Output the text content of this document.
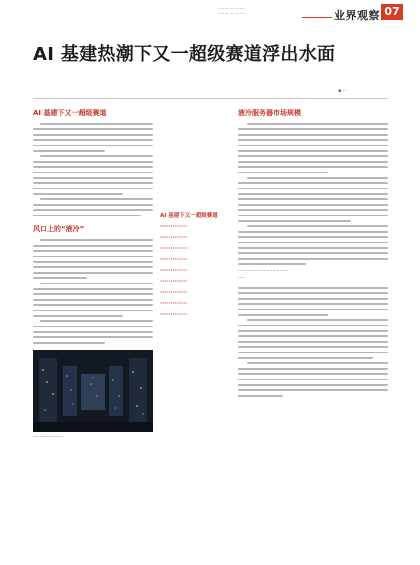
·····················
······················	业界观察 07
AI 基建热潮下又一超级赛道浮出水面
▪ ···
AI 基建下又一超级赛道
风口上的“液冷”
···················
AI 基建下又一超级赛道
·············
·············
·············
·············
·············
·············
·············
·············
·············
液冷服务器市场规模
···································
·····
